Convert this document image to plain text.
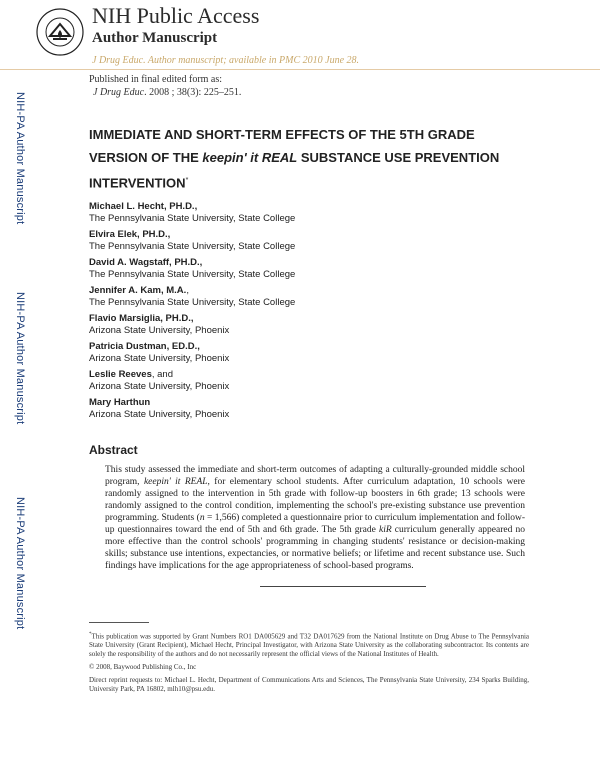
NIH Public Access
Author Manuscript
J Drug Educ. Author manuscript; available in PMC 2010 June 28.
Published in final edited form as:
J Drug Educ. 2008 ; 38(3): 225–251.
NIH-PA Author Manuscript
NIH-PA Author Manuscript
NIH-PA Author Manuscript
IMMEDIATE AND SHORT-TERM EFFECTS OF THE 5TH GRADE VERSION OF THE keepin' it REAL SUBSTANCE USE PREVENTION INTERVENTION*
Michael L. Hecht, PH.D.,
The Pennsylvania State University, State College
Elvira Elek, PH.D.,
The Pennsylvania State University, State College
David A. Wagstaff, PH.D.,
The Pennsylvania State University, State College
Jennifer A. Kam, M.A.,
The Pennsylvania State University, State College
Flavio Marsiglia, PH.D.,
Arizona State University, Phoenix
Patricia Dustman, ED.D.,
Arizona State University, Phoenix
Leslie Reeves, and
Arizona State University, Phoenix
Mary Harthun
Arizona State University, Phoenix
Abstract
This study assessed the immediate and short-term outcomes of adapting a culturally-grounded middle school program, keepin' it REAL, for elementary school students. After curriculum adaptation, 10 schools were randomly assigned to the intervention in 5th grade with follow-up boosters in 6th grade; 13 schools were randomly assigned to the control condition, implementing the school's pre-existing substance use prevention programming. Students (n = 1,566) completed a questionnaire prior to curriculum implementation and follow-up questionnaires toward the end of 5th and 6th grade. The 5th grade kiR curriculum generally appeared no more effective than the control schools' programming in changing students' resistance or decision-making skills; substance use intentions, expectancies, or normative beliefs; or lifetime and recent substance use. Such findings have implications for the age appropriateness of school-based programs.

*This publication was supported by Grant Numbers RO1 DA005629 and T32 DA017629 from the National Institute on Drug Abuse to The Pennsylvania State University (Grant Recipient), Michael Hecht, Principal Investigator, with Arizona State University as the collaborating subcontractor. Its contents are solely the responsibility of the authors and do not necessarily represent the official views of the National Institutes of Health.

© 2008, Baywood Publishing Co., Inc

Direct reprint requests to: Michael L. Hecht, Department of Communications Arts and Sciences, The Pennsylvania State University, 234 Sparks Building, University Park, PA 16802, mlh10@psu.edu.
